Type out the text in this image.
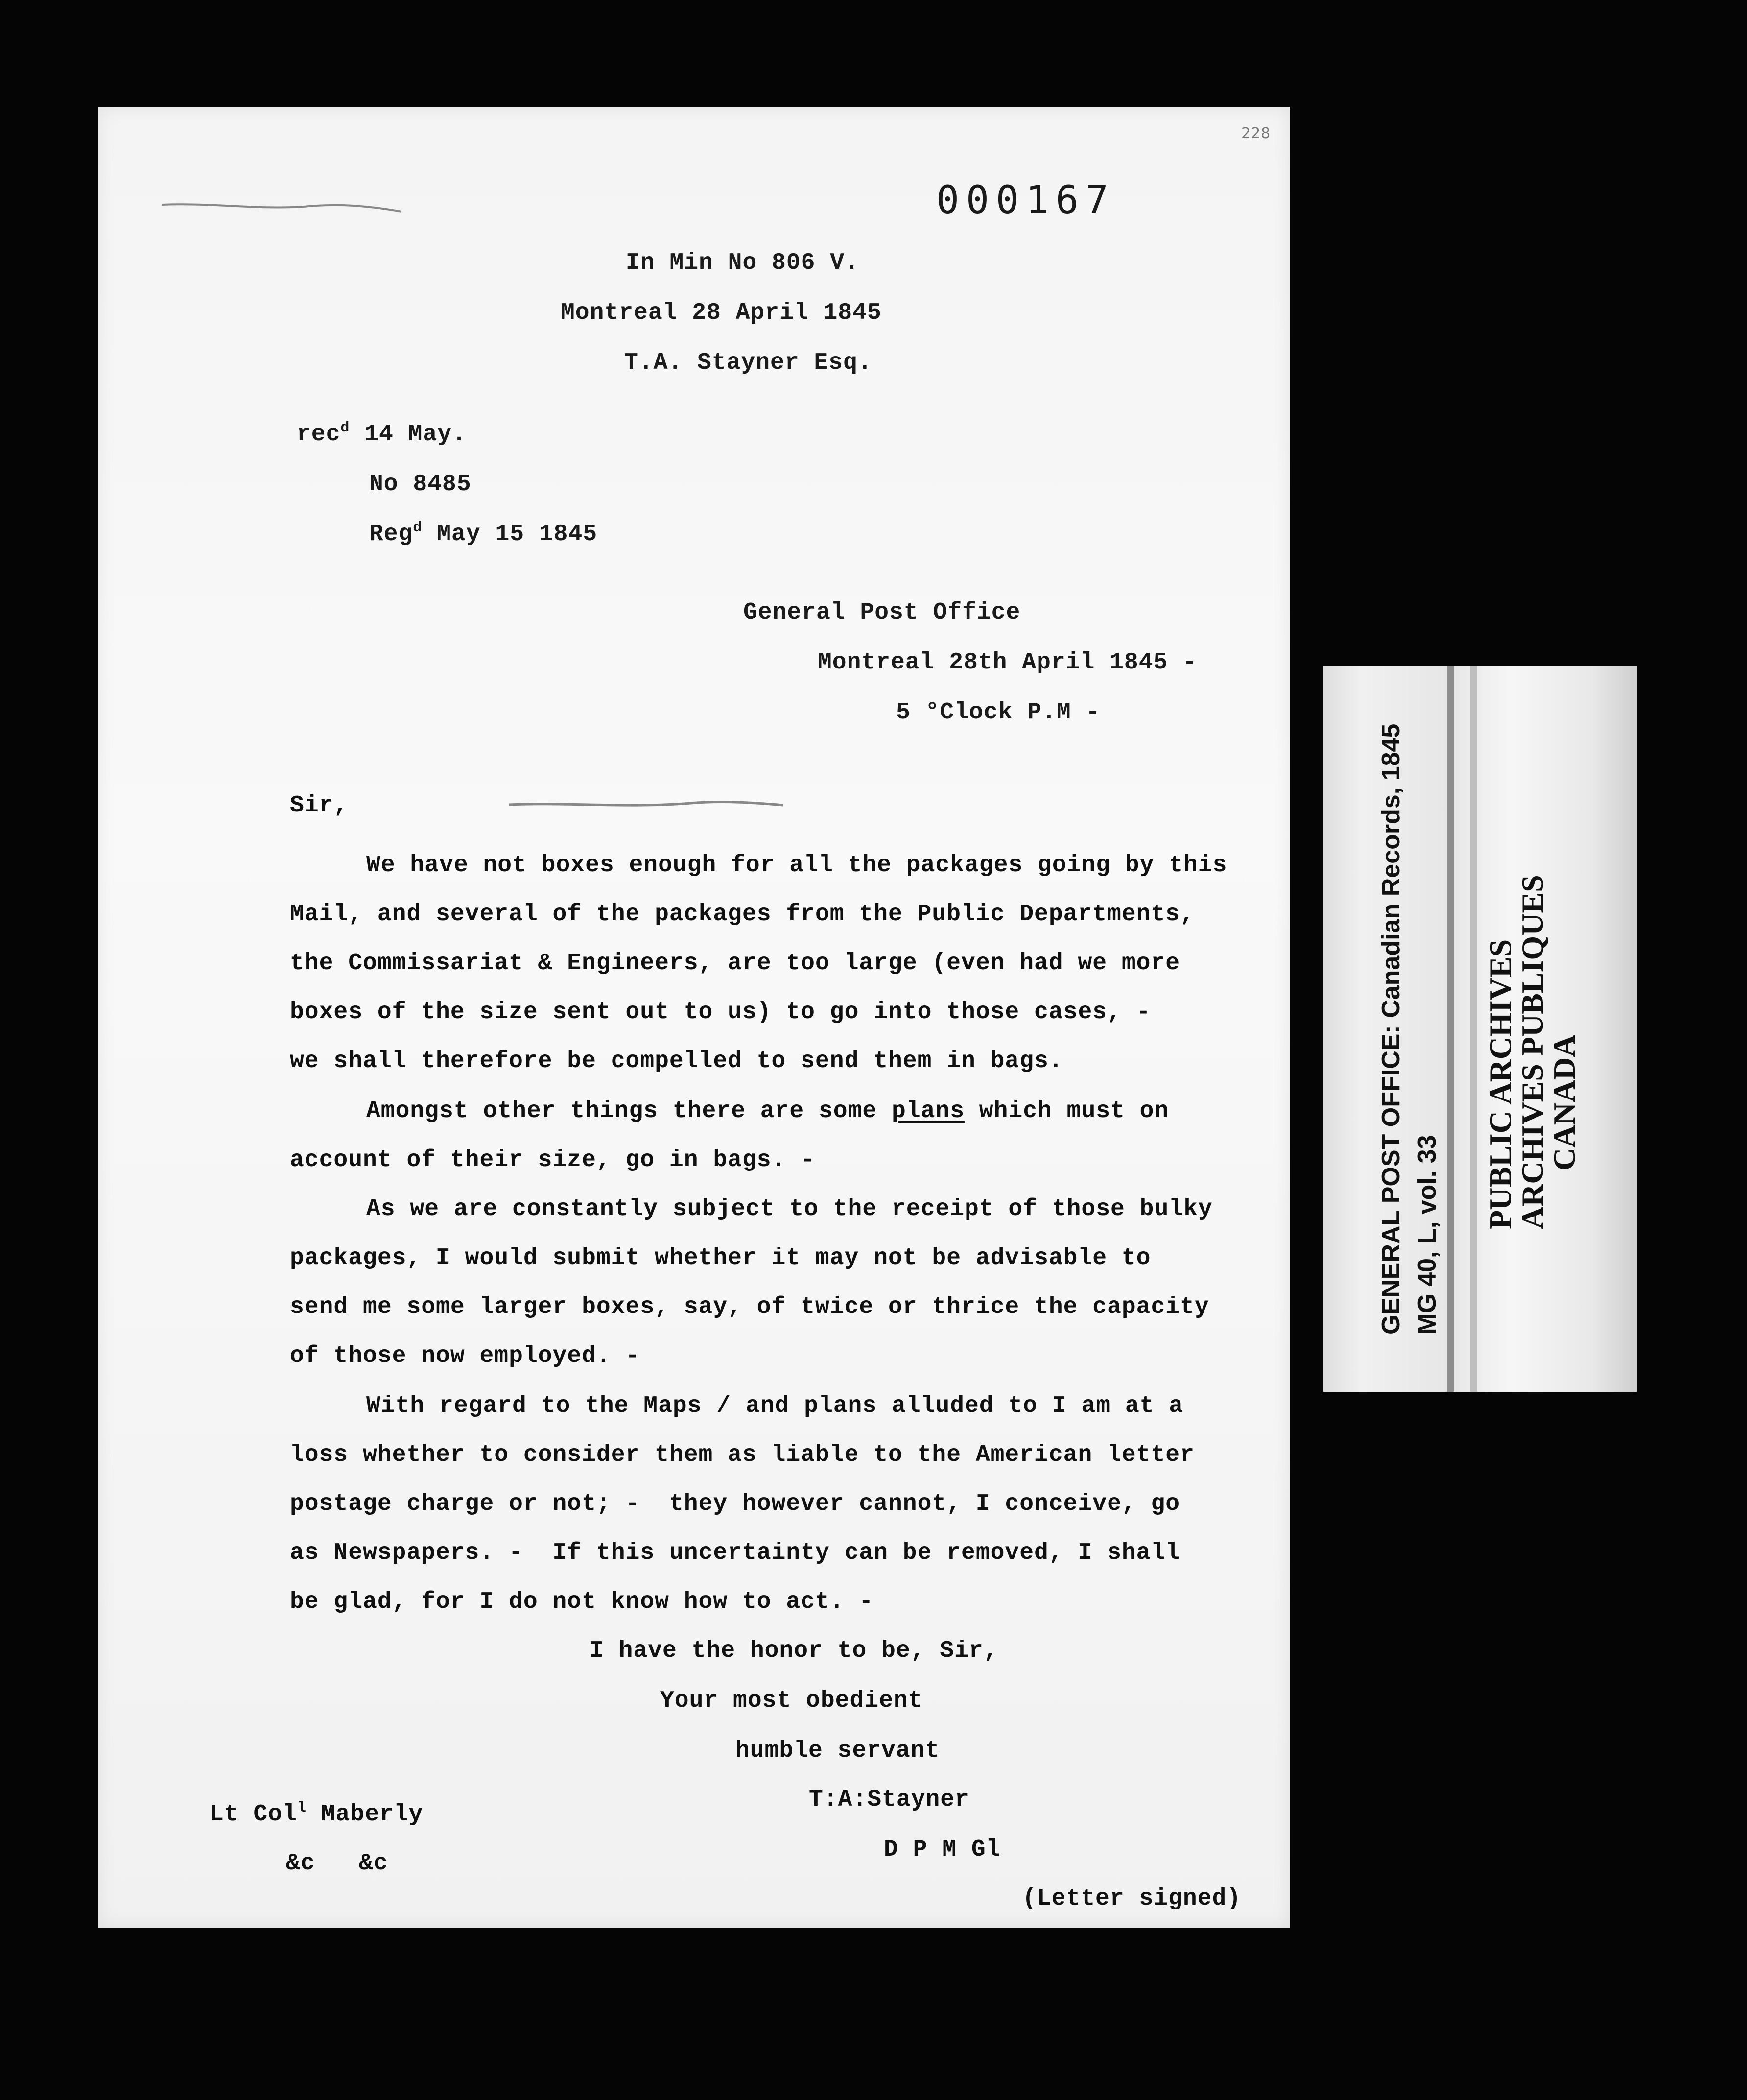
228
000167
In Min No 806 V.
Montreal 28 April 1845
T.A. Stayner Esq.
rec$^d$ 14 May.
No 8485
Reg$^d$ May 15 1845
General Post Office
Montreal 28th April 1845 -
5 °Clock P.M -
Sir,
We have not boxes enough for all the packages going by this
Mail, and several of the packages from the Public Departments,
the Commissariat & Engineers, are too large (even had we more
boxes of the size sent out to us) to go into those cases, -
we shall therefore be compelled to send them in bags.
Amongst other things there are some plans which must on
account of their size, go in bags. -
As we are constantly subject to the receipt of those bulky
packages, I would submit whether it may not be advisable to
send me some larger boxes, say, of twice or thrice the capacity
of those now employed. -
With regard to the Maps / and plans alluded to I am at a
loss whether to consider them as liable to the American letter
postage charge or not; -  they however cannot, I conceive, go
as Newspapers. -  If this uncertainty can be removed, I shall
be glad, for I do not know how to act. -
I have the honor to be, Sir,
Your most obedient
humble servant
T:A:Stayner
D P M Gl
Lt Col$^l$ Maberly
&c   &c
(Letter signed)
GENERAL POST OFFICE: Canadian Records, 1845 MG 40, L, vol. 33
PUBLIC ARCHIVES
ARCHIVES PUBLIQUES
CANADA
